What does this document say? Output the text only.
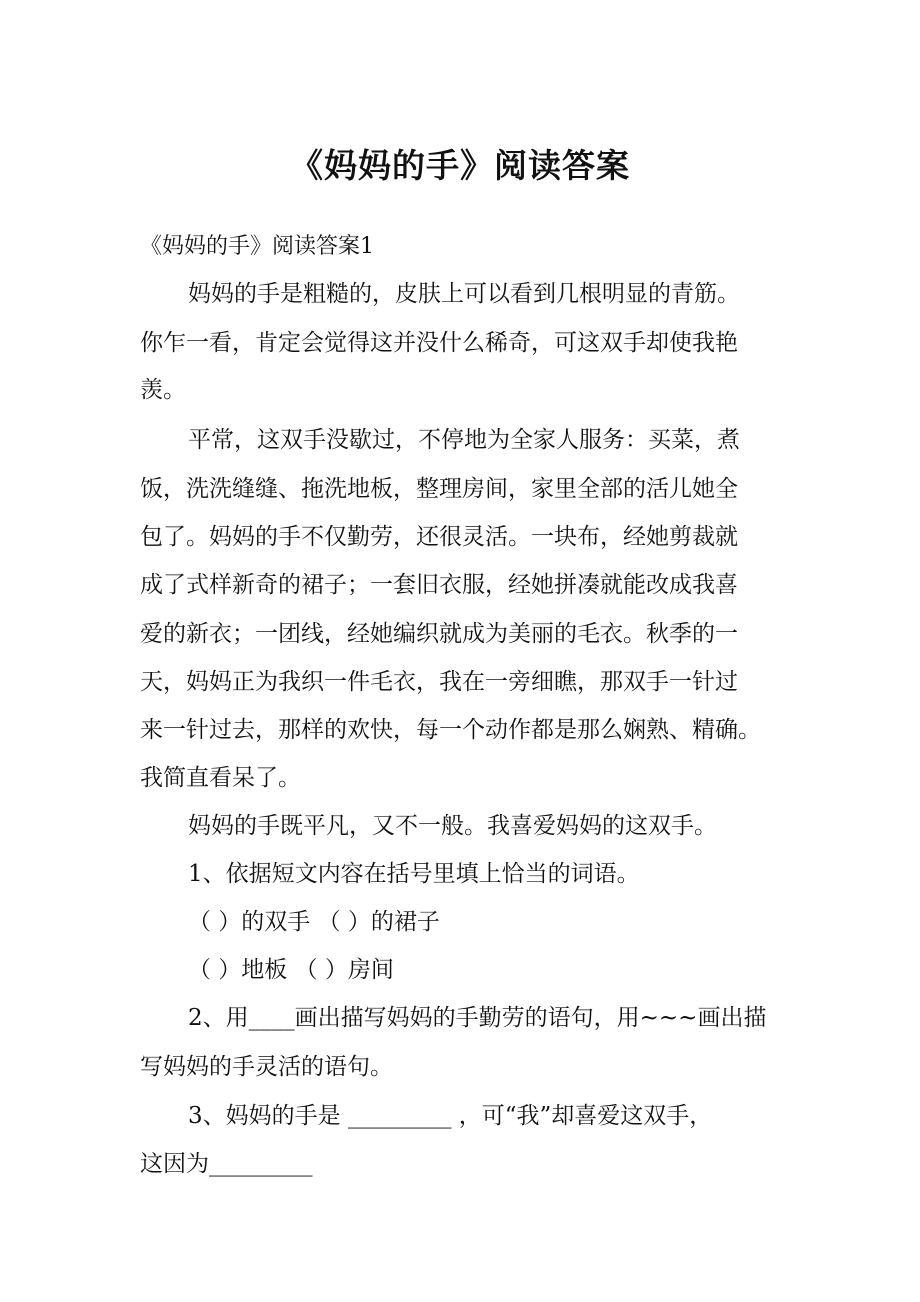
《妈妈的手》阅读答案
《妈妈的手》阅读答案1
妈妈的手是粗糙的，皮肤上可以看到几根明显的青筋。
你乍一看，肯定会觉得这并没什么稀奇，可这双手却使我艳
羡。
平常，这双手没歇过，不停地为全家人服务：买菜，煮
饭，洗洗缝缝、拖洗地板，整理房间，家里全部的活儿她全
包了。妈妈的手不仅勤劳，还很灵活。一块布，经她剪裁就
成了式样新奇的裙子；一套旧衣服，经她拼凑就能改成我喜
爱的新衣；一团线，经她编织就成为美丽的毛衣。秋季的一
天，妈妈正为我织一件毛衣，我在一旁细瞧，那双手一针过
来一针过去，那样的欢快，每一个动作都是那么娴熟、精确。
我简直看呆了。
妈妈的手既平凡，又不一般。我喜爱妈妈的这双手。
1、依据短文内容在括号里填上恰当的词语。
（ ）的双手 （ ）的裙子
（ ）地板 （ ）房间
2、用____画出描写妈妈的手勤劳的语句，用~~~画出描
写妈妈的手灵活的语句。
3、妈妈的手是 _________ ，可“我”却喜爱这双手，
这因为_________
